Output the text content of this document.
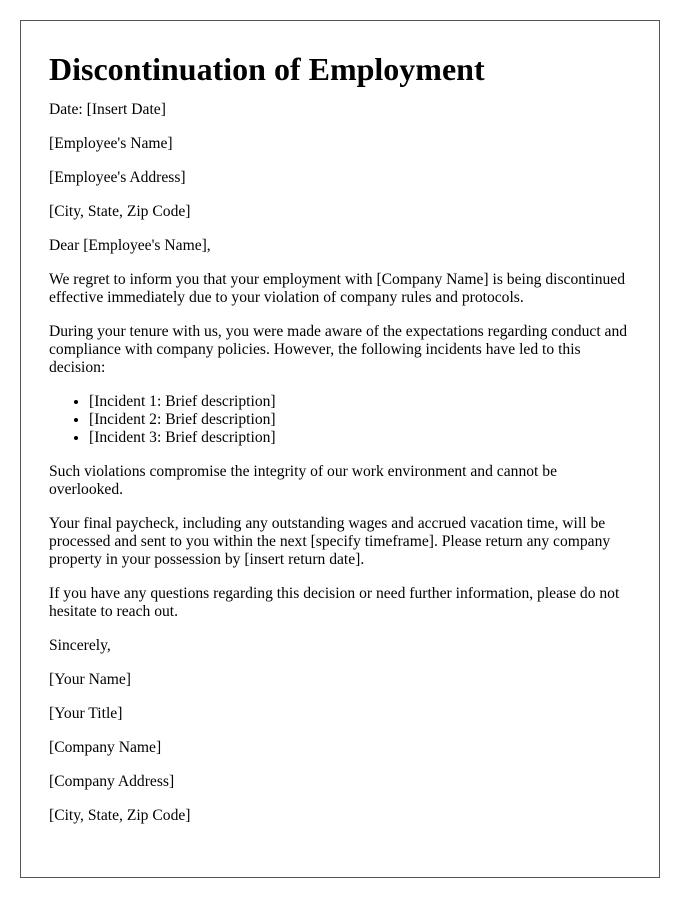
Discontinuation of Employment

Date: [Insert Date]

[Employee's Name]

[Employee's Address]

[City, State, Zip Code]

Dear [Employee's Name],

We regret to inform you that your employment with [Company Name] is being discontinued effective immediately due to your violation of company rules and protocols.

During your tenure with us, you were made aware of the expectations regarding conduct and compliance with company policies. However, the following incidents have led to this decision:

• [Incident 1: Brief description]
• [Incident 2: Brief description]
• [Incident 3: Brief description]

Such violations compromise the integrity of our work environment and cannot be overlooked.

Your final paycheck, including any outstanding wages and accrued vacation time, will be processed and sent to you within the next [specify timeframe]. Please return any company property in your possession by [insert return date].

If you have any questions regarding this decision or need further information, please do not hesitate to reach out.

Sincerely,

[Your Name]

[Your Title]

[Company Name]

[Company Address]

[City, State, Zip Code]
